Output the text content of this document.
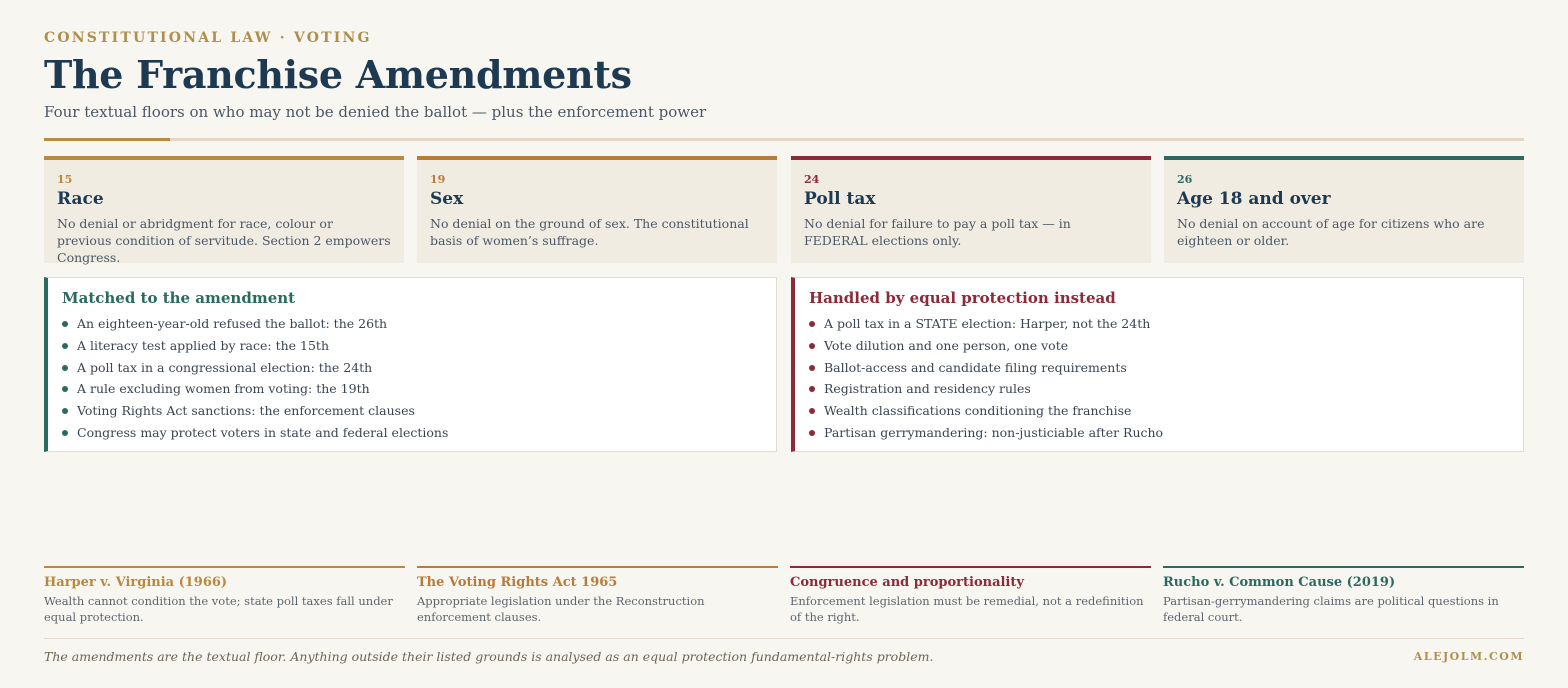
CONSTITUTIONAL LAW · VOTING
The Franchise Amendments
Four textual floors on who may not be denied the ballot — plus the enforcement power
15
Race
No denial or abridgment for race, colour or previous condition of servitude. Section 2 empowers Congress.
19
Sex
No denial on the ground of sex. The constitutional basis of women’s suffrage.
24
Poll tax
No denial for failure to pay a poll tax — in FEDERAL elections only.
26
Age 18 and over
No denial on account of age for citizens who are eighteen or older.
Matched to the amendment
An eighteen-year-old refused the ballot: the 26th
A literacy test applied by race: the 15th
A poll tax in a congressional election: the 24th
A rule excluding women from voting: the 19th
Voting Rights Act sanctions: the enforcement clauses
Congress may protect voters in state and federal elections
Handled by equal protection instead
A poll tax in a STATE election: Harper, not the 24th
Vote dilution and one person, one vote
Ballot-access and candidate filing requirements
Registration and residency rules
Wealth classifications conditioning the franchise
Partisan gerrymandering: non-justiciable after Rucho
Harper v. Virginia (1966)
Wealth cannot condition the vote; state poll taxes fall under equal protection.
The Voting Rights Act 1965
Appropriate legislation under the Reconstruction enforcement clauses.
Congruence and proportionality
Enforcement legislation must be remedial, not a redefinition of the right.
Rucho v. Common Cause (2019)
Partisan-gerrymandering claims are political questions in federal court.
The amendments are the textual floor. Anything outside their listed grounds is analysed as an equal protection fundamental-rights problem.	ALEJOLM.COM
